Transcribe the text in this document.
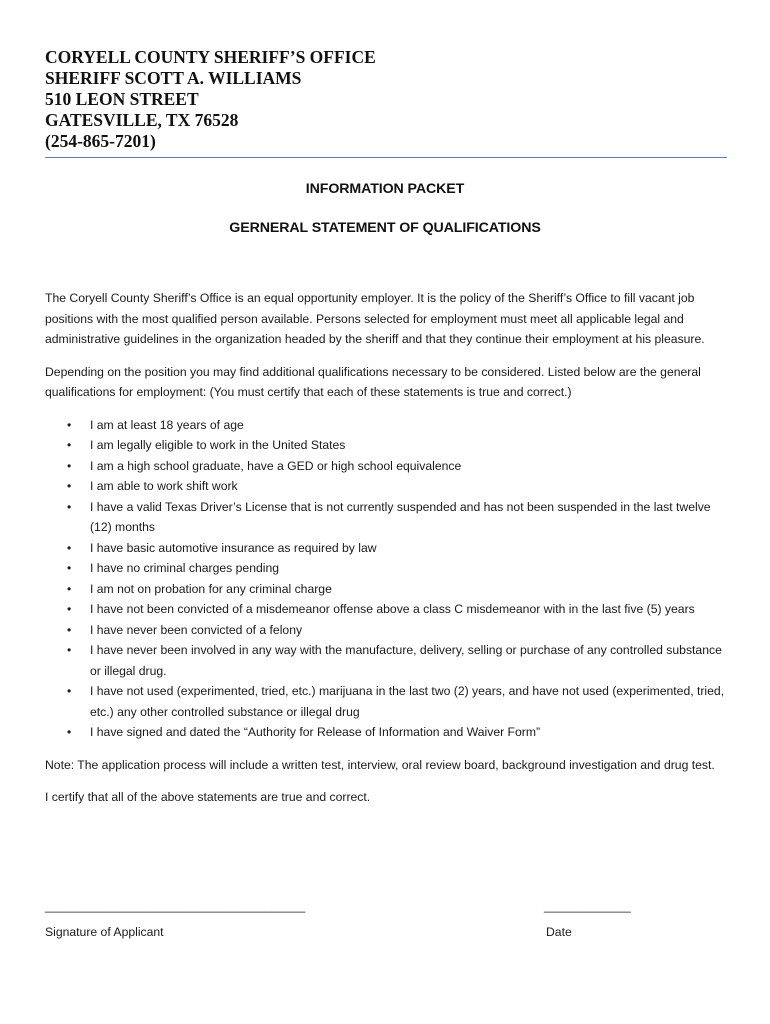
CORYELL COUNTY SHERIFF’S OFFICE
SHERIFF SCOTT A. WILLIAMS
510 LEON STREET
GATESVILLE, TX 76528
(254-865-7201)
INFORMATION PACKET
GERNERAL STATEMENT OF QUALIFICATIONS

The Coryell County Sheriff’s Office is an equal opportunity employer. It is the policy of the Sheriff’s Office to fill vacant job positions with the most qualified person available. Persons selected for employment must meet all applicable legal and administrative guidelines in the organization headed by the sheriff and that they continue their employment at his pleasure.

Depending on the position you may find additional qualifications necessary to be considered. Listed below are the general qualifications for employment: (You must certify that each of these statements is true and correct.)

• I am at least 18 years of age
• I am legally eligible to work in the United States
• I am a high school graduate, have a GED or high school equivalence
• I am able to work shift work
• I have a valid Texas Driver’s License that is not currently suspended and has not been suspended in the last twelve (12) months
• I have basic automotive insurance as required by law
• I have no criminal charges pending
• I am not on probation for any criminal charge
• I have not been convicted of a misdemeanor offense above a class C misdemeanor with in the last five (5) years
• I have never been convicted of a felony
• I have never been involved in any way with the manufacture, delivery, selling or purchase of any controlled substance or illegal drug.
• I have not used (experimented, tried, etc.) marijuana in the last two (2) years, and have not used (experimented, tried, etc.) any other controlled substance or illegal drug
• I have signed and dated the “Authority for Release of Information and Waiver Form”

Note: The application process will include a written test, interview, oral review board, background investigation and drug test.

I certify that all of the above statements are true and correct.

_______________________________________	_____________
Signature of Applicant	Date
